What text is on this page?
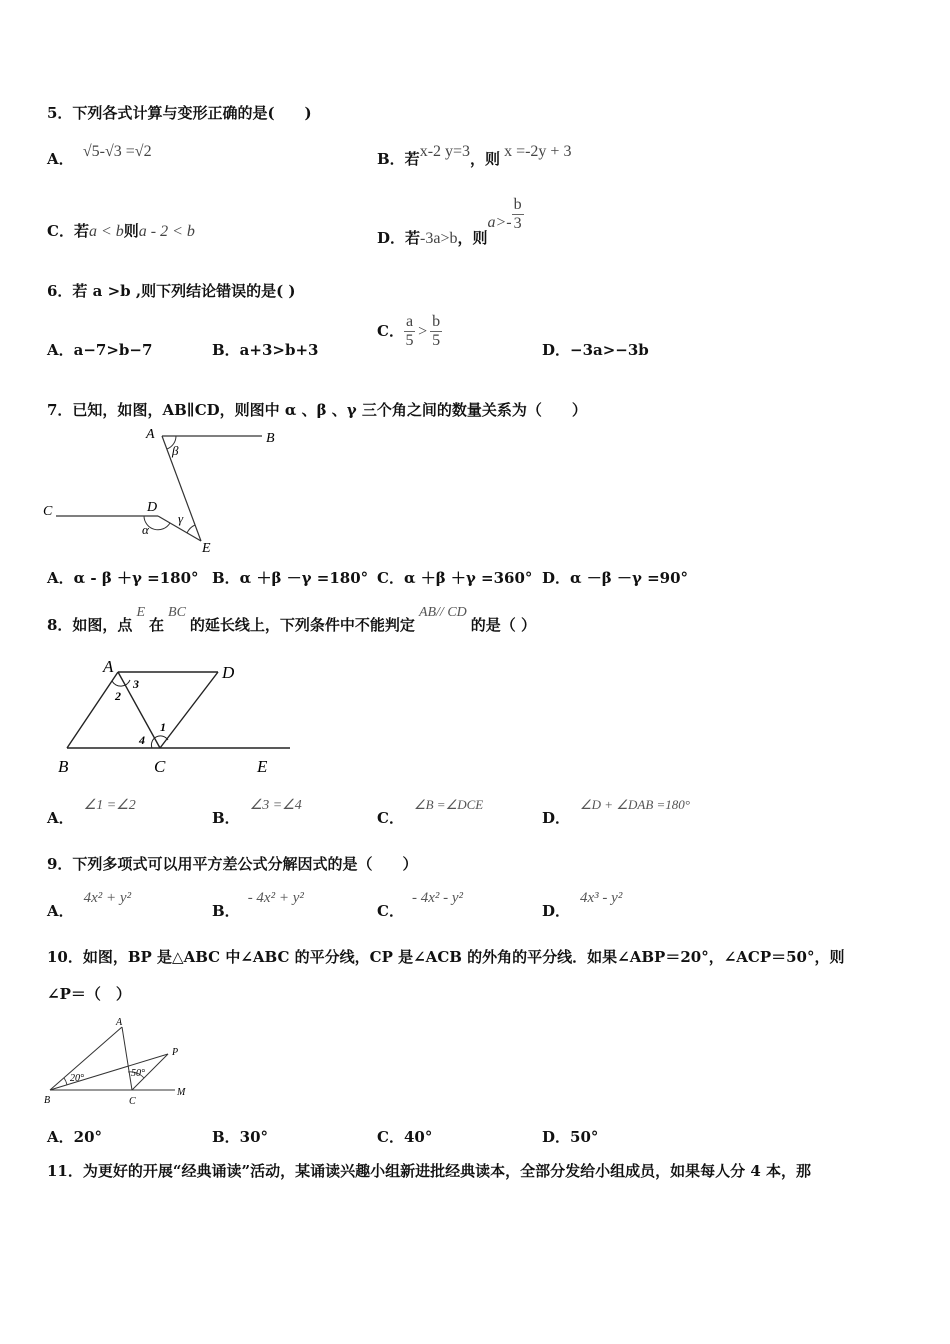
5．下列各式计算与变形正确的是(　　)
A． √5-√3 =√2	B．若x-2 y=3，则 x =-2y + 3
C．若a < b则a - 2 < b	D．若-3a>b，则$a>- \frac{b}{3}$
6．若 a >b ,则下列结论错误的是( )
A．a−7>b−7	B．a+3>b+3
C． $\frac{a}{5} > \frac{b}{5}$	D．−3a>−3b
7．已知，如图，AB∥CD，则图中 α 、β 、γ 三个角之间的数量关系为（　　）
A	B
β
C	D
α
γ
E
A．α - β ＋γ =180° B．α ＋β －γ =180° C．α ＋β ＋γ =360° D．α －β －γ =90°
8．如图，点E在BC的延长线上，下列条件中不能判定AB// CD的是（ ）
A	D
2
3
1
4
B	C	E
A．∠1 =∠2
B．∠3 =∠4
C．∠B =∠DCE
D．∠D + ∠DAB =180°
9．下列多项式可以用平方差公式分解因式的是（　　）
A．4x² + y²
B．- 4x² + y²
C．- 4x² - y²
D．4x³ - y²
10．如图，BP 是△ABC 中∠ABC 的平分线，CP 是∠ACB 的外角的平分线．如果∠ABP＝20°，∠ACP＝50°，则
∠P＝（　）
A
P
20°	50°
B	C
M
A．20°	B．30°	C．40°	D．50°
11．为更好的开展“经典诵读”活动，某诵读兴趣小组新进批经典读本，全部分发给小组成员，如果每人分 4 本，那
